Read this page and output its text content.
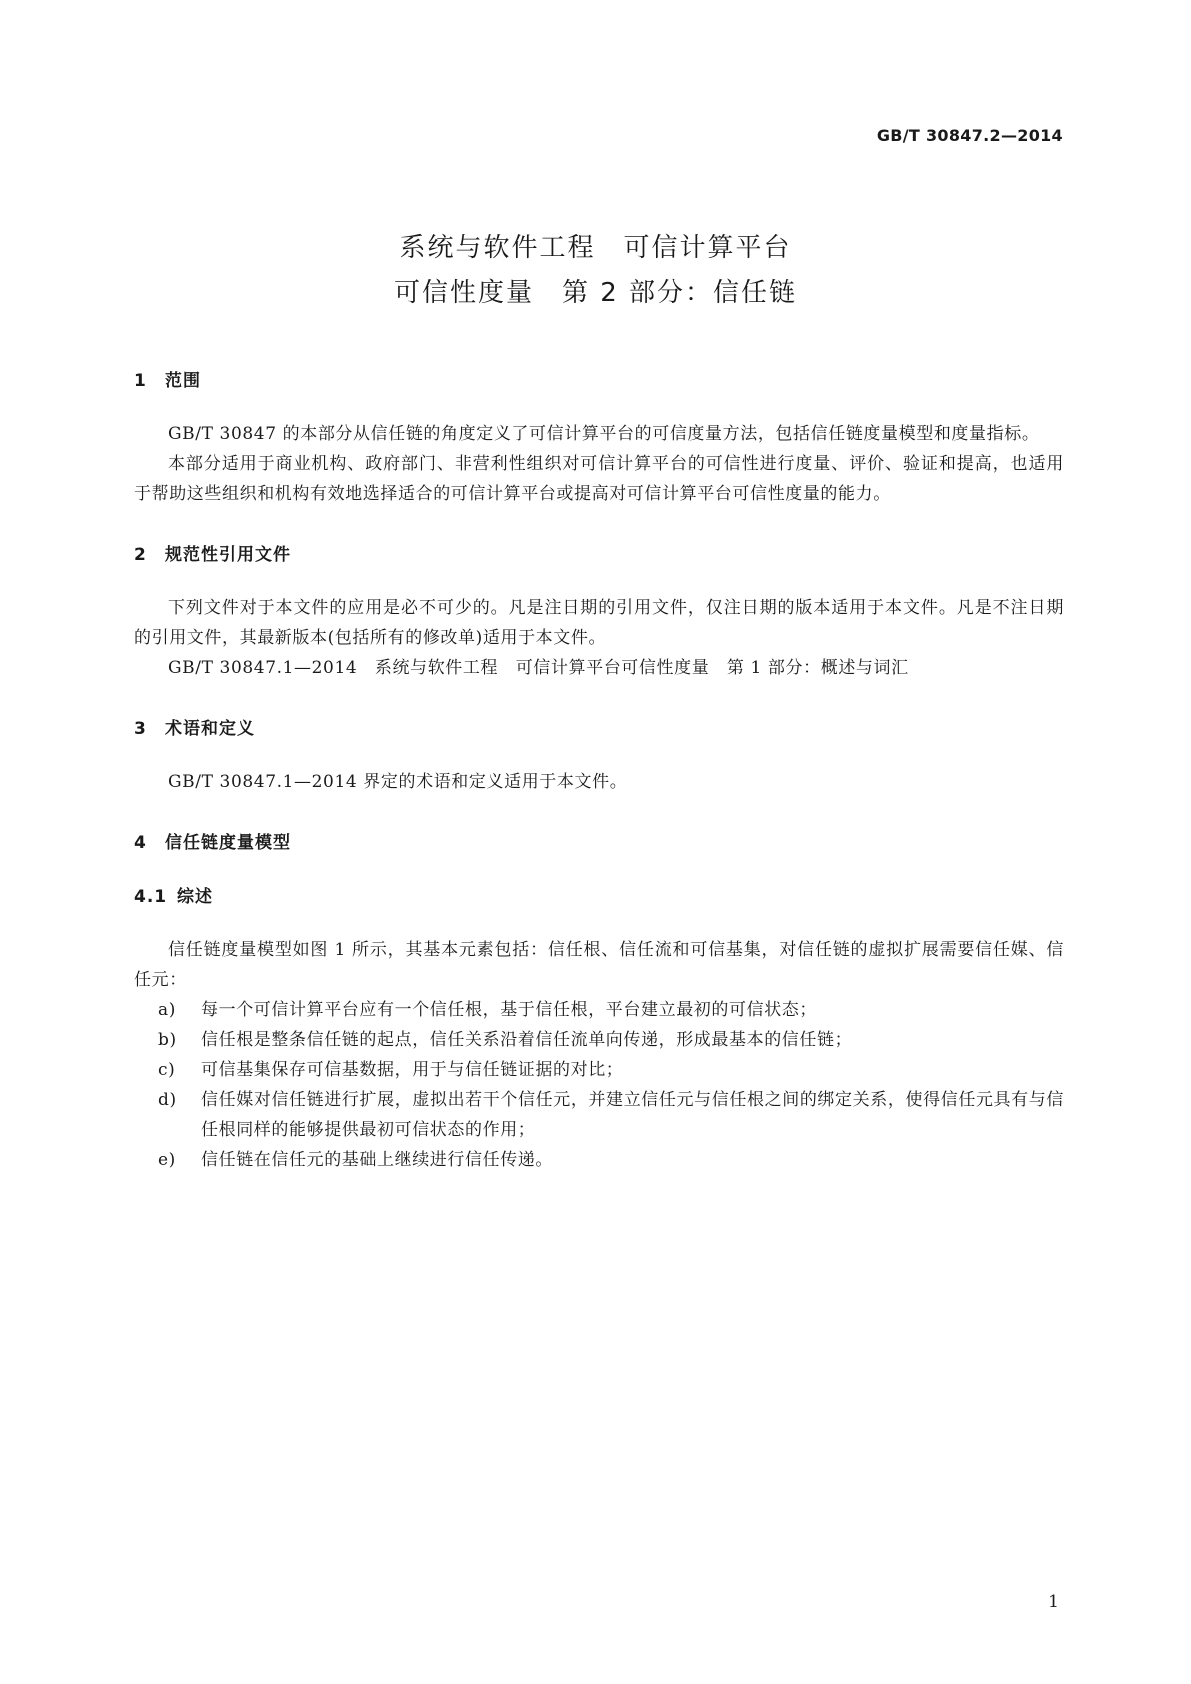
GB/T 30847.2—2014
系统与软件工程　可信计算平台
可信性度量　第 2 部分：信任链
1 范围
GB/T 30847 的本部分从信任链的角度定义了可信计算平台的可信度量方法，包括信任链度量模型和度量指标。
本部分适用于商业机构、政府部门、非营利性组织对可信计算平台的可信性进行度量、评价、验证和提高，也适用于帮助这些组织和机构有效地选择适合的可信计算平台或提高对可信计算平台可信性度量的能力。
2 规范性引用文件
下列文件对于本文件的应用是必不可少的。凡是注日期的引用文件，仅注日期的版本适用于本文件。凡是不注日期的引用文件，其最新版本(包括所有的修改单)适用于本文件。
GB/T 30847.1—2014　系统与软件工程　可信计算平台可信性度量　第 1 部分：概述与词汇
3 术语和定义
GB/T 30847.1—2014 界定的术语和定义适用于本文件。
4 信任链度量模型
4.1 综述
信任链度量模型如图 1 所示，其基本元素包括：信任根、信任流和可信基集，对信任链的虚拟扩展需要信任媒、信任元：
a)	每一个可信计算平台应有一个信任根，基于信任根，平台建立最初的可信状态；
b)	信任根是整条信任链的起点，信任关系沿着信任流单向传递，形成最基本的信任链；
c)	可信基集保存可信基数据，用于与信任链证据的对比；
d)	信任媒对信任链进行扩展，虚拟出若干个信任元，并建立信任元与信任根之间的绑定关系，使得信任元具有与信任根同样的能够提供最初可信状态的作用；
e)	信任链在信任元的基础上继续进行信任传递。
1
